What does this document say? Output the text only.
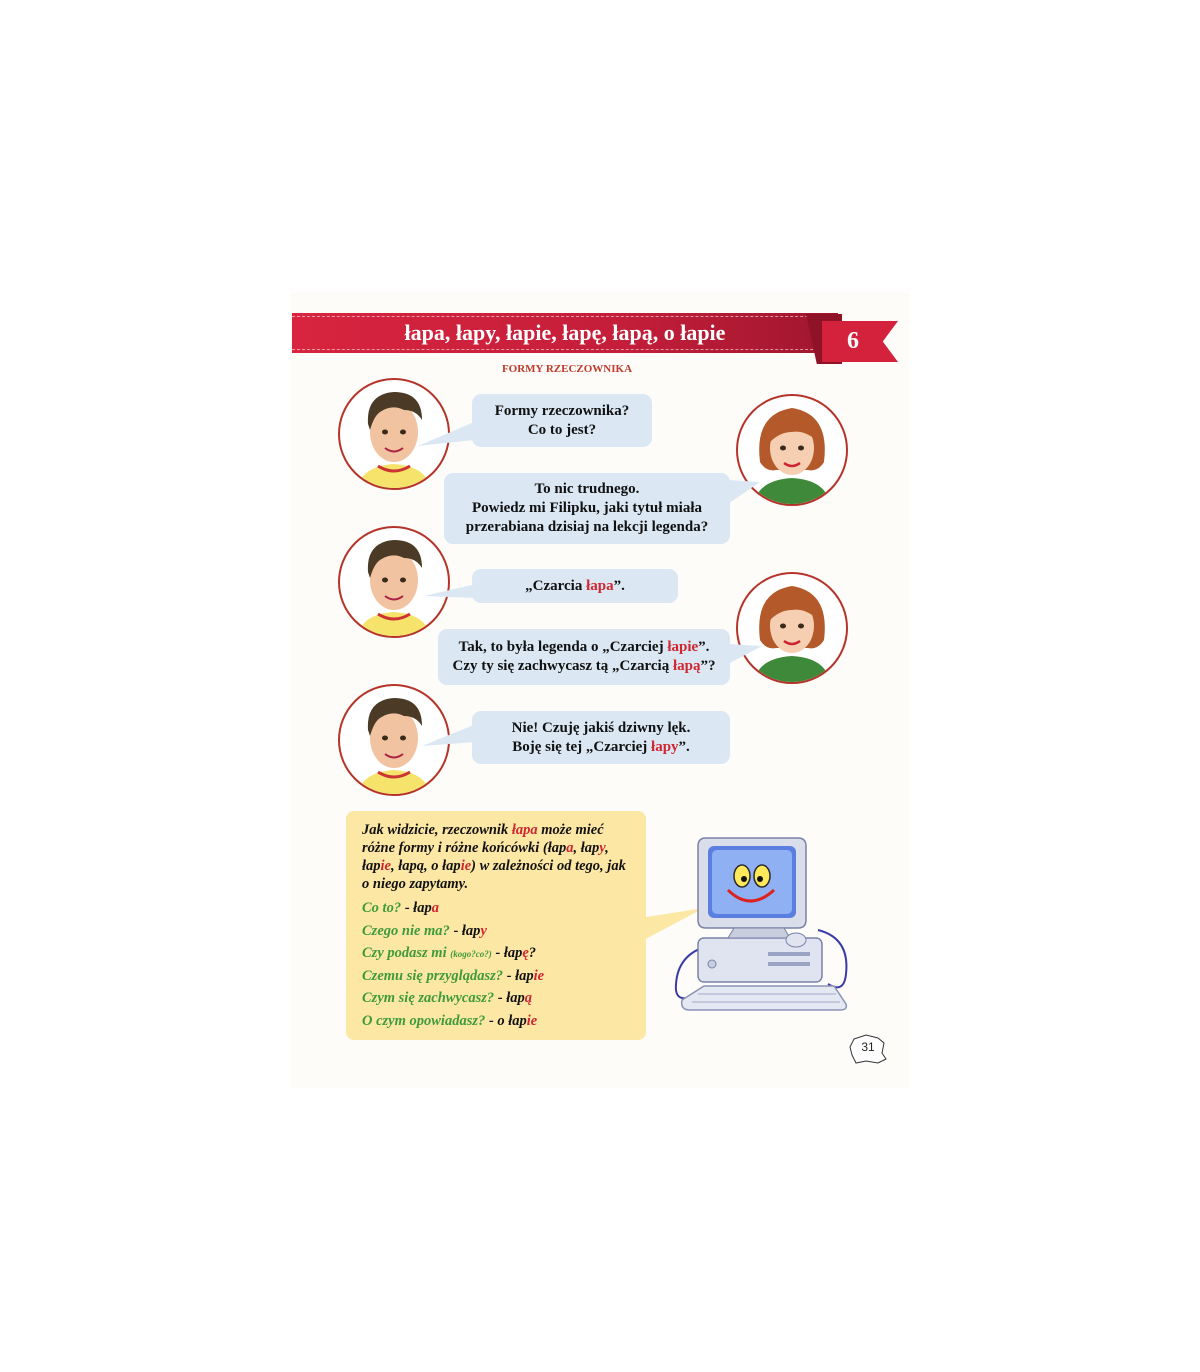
łapa, łapy, łapie, łapę, łapą, o łapie	6
FORMY RZECZOWNIKA
Formy rzeczownika?
Co to jest?
To nic trudnego.
Powiedz mi Filipku, jaki tytuł miała
przerabiana dzisiaj na lekcji legenda?
„Czarcia łapa”.
Tak, to była legenda o „Czarciej łapie”.
Czy ty się zachwycasz tą „Czarcią łapą”?
Nie! Czuję jakiś dziwny lęk.
Boję się tej „Czarciej łapy”.
Jak widzicie, rzeczownik łapa może mieć różne formy i różne końcówki (łapa, łapy, łapie, łapą, o łapie) w zależności od tego, jak o niego zapytamy.
Co to? - łapa
Czego nie ma? - łapy
Czy podasz mi (kogo?co?) - łapę?
Czemu się przyglądasz? - łapie
Czym się zachwycasz? - łapą
O czym opowiadasz? - o łapie
31
